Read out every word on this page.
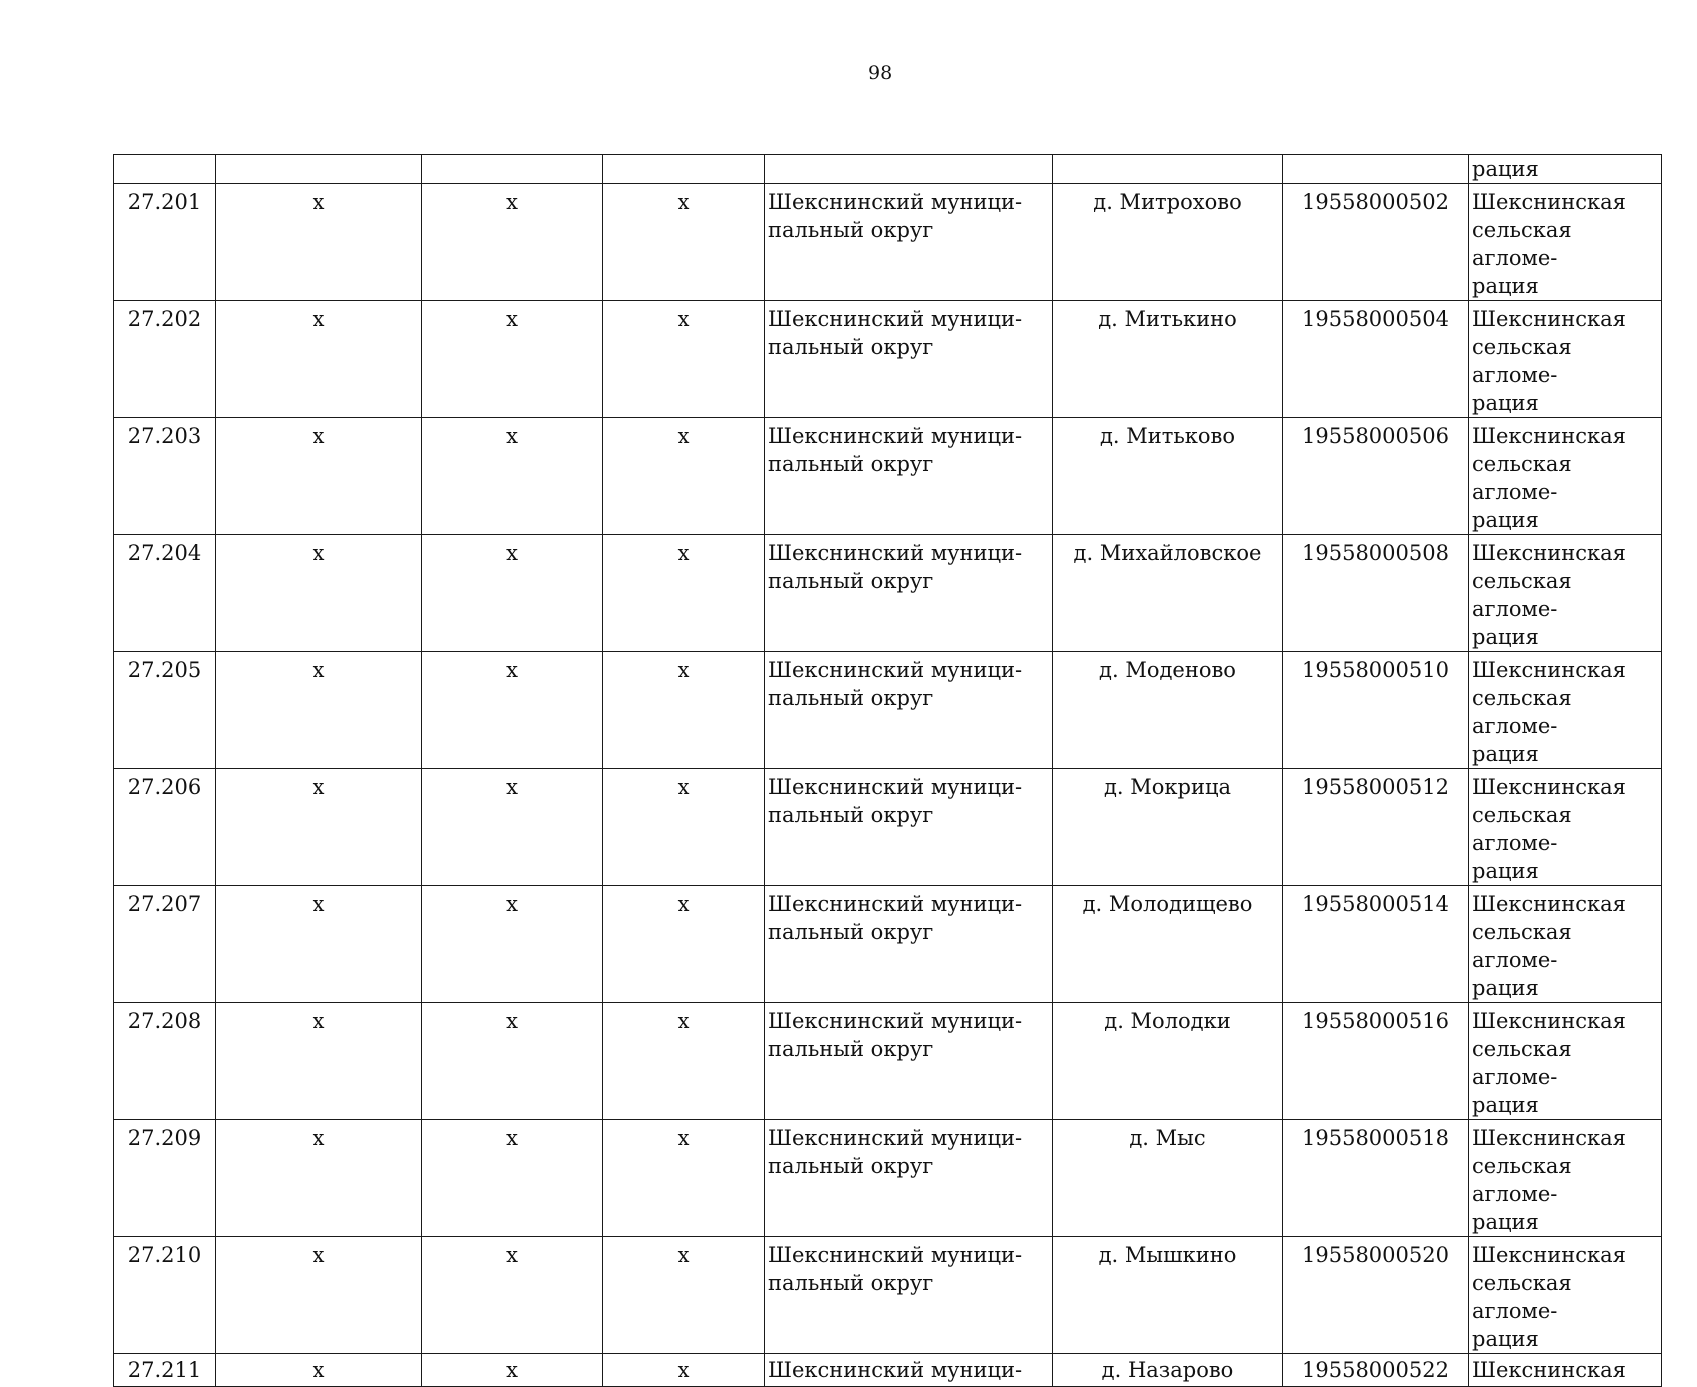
98
							рация
27.201	х	х	х	Шекснинский муници-
пальный округ	д. Митрохово	19558000502	Шекснинская
сельская агломе-
рация
27.202	х	х	х	Шекснинский муници-
пальный округ	д. Митькино	19558000504	Шекснинская
сельская агломе-
рация
27.203	х	х	х	Шекснинский муници-
пальный округ	д. Митьково	19558000506	Шекснинская
сельская агломе-
рация
27.204	х	х	х	Шекснинский муници-
пальный округ	д. Михайловское	19558000508	Шекснинская
сельская агломе-
рация
27.205	х	х	х	Шекснинский муници-
пальный округ	д. Моденово	19558000510	Шекснинская
сельская агломе-
рация
27.206	х	х	х	Шекснинский муници-
пальный округ	д. Мокрица	19558000512	Шекснинская
сельская агломе-
рация
27.207	х	х	х	Шекснинский муници-
пальный округ	д. Молодищево	19558000514	Шекснинская
сельская агломе-
рация
27.208	х	х	х	Шекснинский муници-
пальный округ	д. Молодки	19558000516	Шекснинская
сельская агломе-
рация
27.209	х	х	х	Шекснинский муници-
пальный округ	д. Мыс	19558000518	Шекснинская
сельская агломе-
рация
27.210	х	х	х	Шекснинский муници-
пальный округ	д. Мышкино	19558000520	Шекснинская
сельская агломе-
рация
27.211	х	х	х	Шекснинский муници-	д. Назарово	19558000522	Шекснинская
